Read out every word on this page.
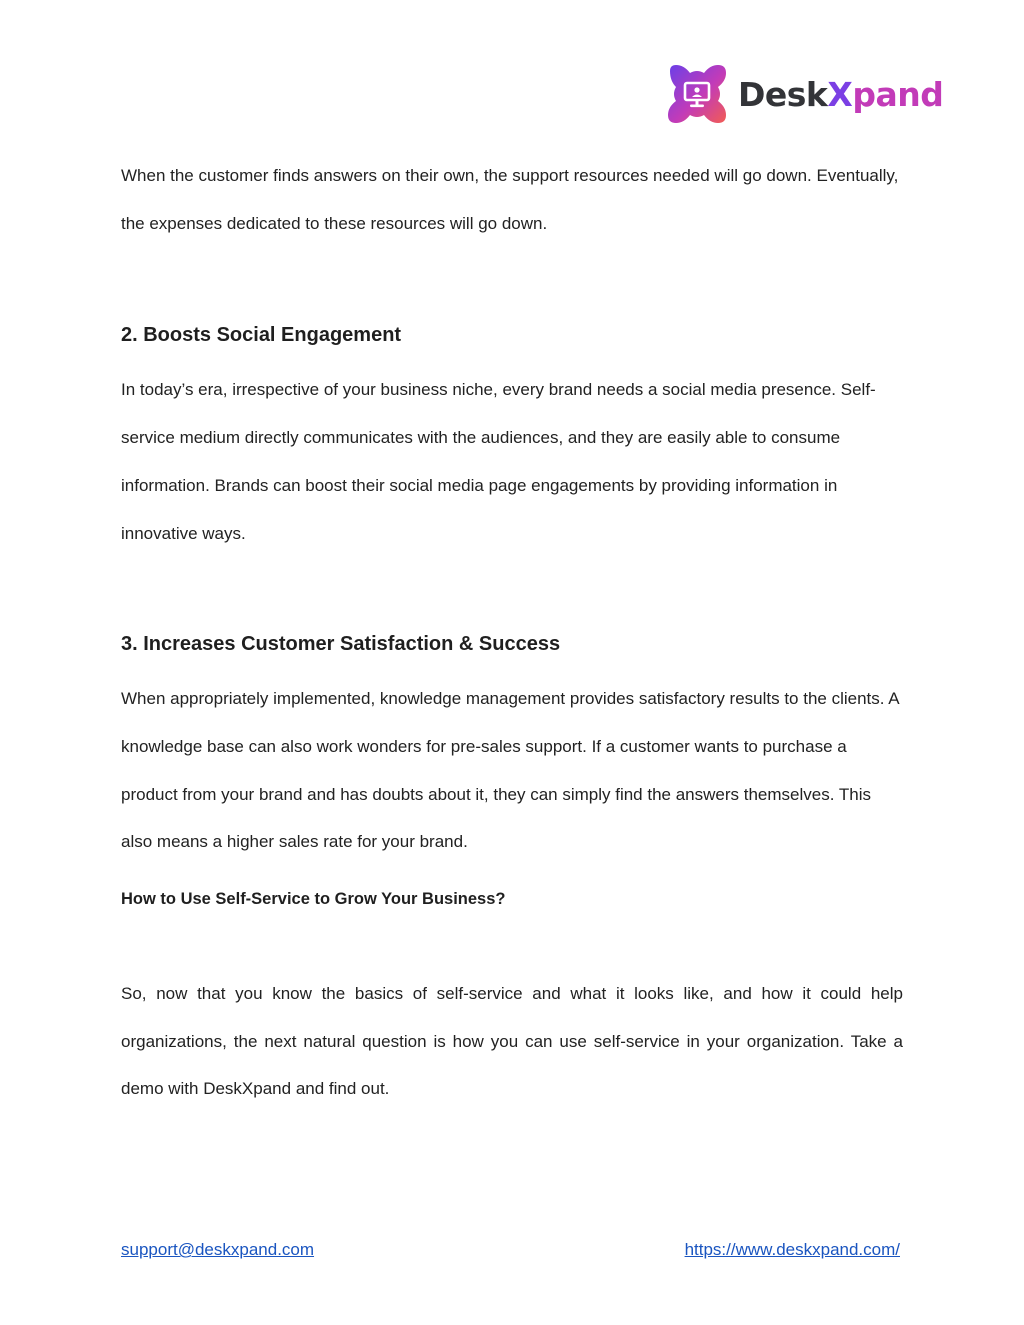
DeskXpand

When the customer finds answers on their own, the support resources needed will go down. Eventually, the expenses dedicated to these resources will go down.

2. Boosts Social Engagement

In today’s era, irrespective of your business niche, every brand needs a social media presence. Self-service medium directly communicates with the audiences, and they are easily able to consume information. Brands can boost their social media page engagements by providing information in innovative ways.

3. Increases Customer Satisfaction & Success

When appropriately implemented, knowledge management provides satisfactory results to the clients. A knowledge base can also work wonders for pre-sales support. If a customer wants to purchase a product from your brand and has doubts about it, they can simply find the answers themselves. This also means a higher sales rate for your brand.

How to Use Self-Service to Grow Your Business?

So, now that you know the basics of self-service and what it looks like, and how it could help organizations, the next natural question is how you can use self-service in your organization. Take a demo with DeskXpand and find out.

support@deskxpand.com	https://www.deskxpand.com/
